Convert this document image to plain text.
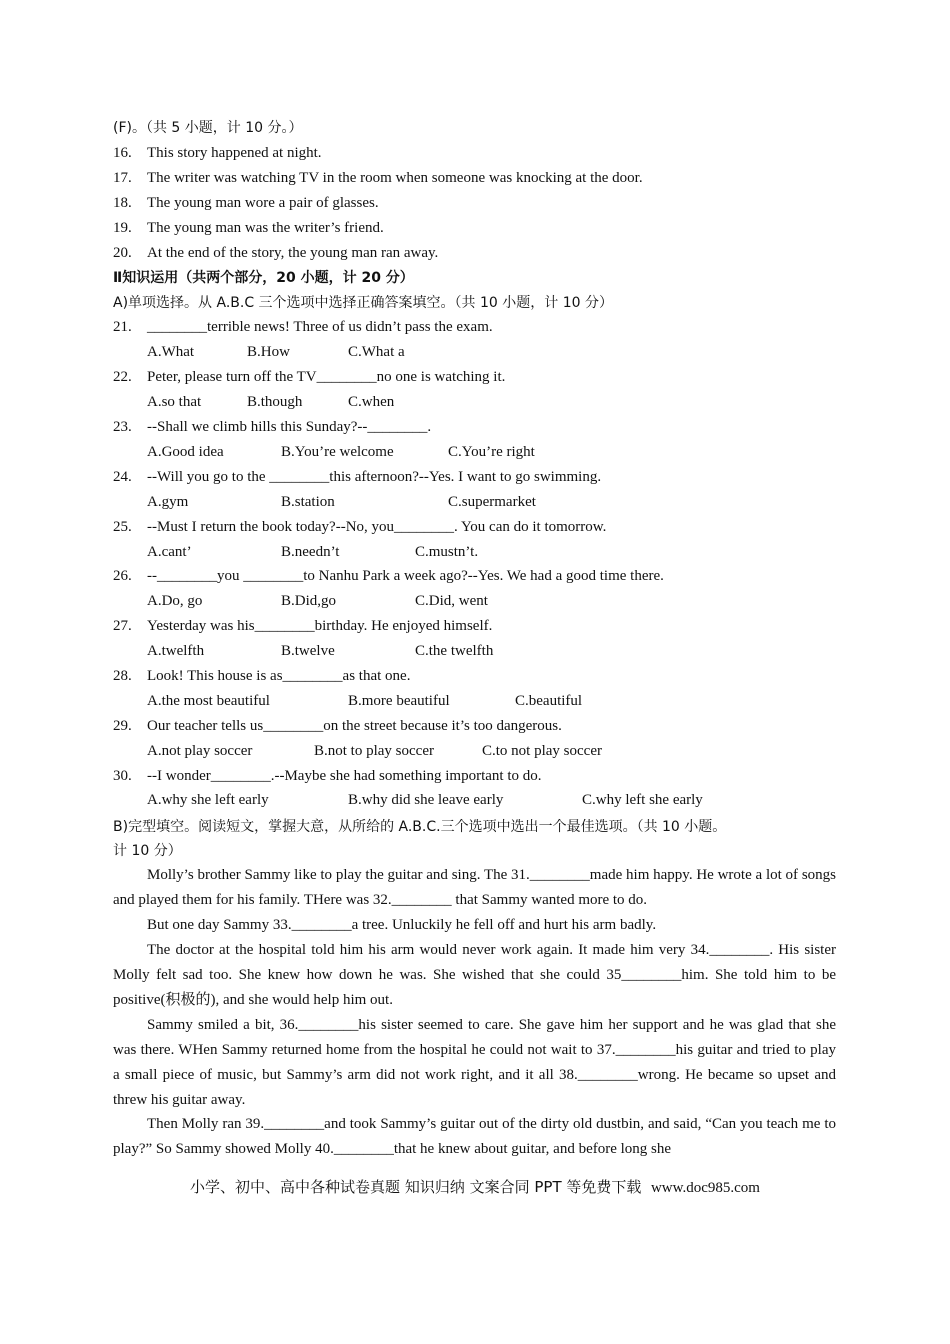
(F)。（共 5 小题，计 10 分。）
16. This story happened at night.
17. The writer was watching TV in the room when someone was knocking at the door.
18. The young man wore a pair of glasses.
19. The young man was the writer’s friend.
20. At the end of the story, the young man ran away.
Ⅱ知识运用（共两个部分，20 小题，计 20 分）
A)单项选择。从 A.B.C 三个选项中选择正确答案填空。（共 10 小题，计 10 分）
21. ________terrible news! Three of us didn’t pass the exam.
A.What	B.How	C.What a
22. Peter, please turn off the TV________no one is watching it.
A.so that	B.though	C.when
23. --Shall we climb hills this Sunday?--________.
A.Good idea	B.You’re welcome	C.You’re right
24. --Will you go to the ________this afternoon?--Yes. I want to go swimming.
A.gym	B.station	C.supermarket
25. --Must I return the book today?--No, you________. You can do it tomorrow.
A.cant’	B.needn’t	C.mustn’t.
26. --________you ________to Nanhu Park a week ago?--Yes. We had a good time there.
A.Do, go	B.Did,go	C.Did, went
27. Yesterday was his________birthday. He enjoyed himself.
A.twelfth	B.twelve	C.the twelfth
28. Look! This house is as________as that one.
A.the most beautiful	B.more beautiful	C.beautiful
29. Our teacher tells us________on the street because it’s too dangerous.
A.not play soccer	B.not to play soccer	C.to not play soccer
30. --I wonder________.--Maybe she had something important to do.
A.why she left early	B.why did she leave early	C.why left she early
B)完型填空。阅读短文，掌握大意，从所给的 A.B.C.三个选项中选出一个最佳选项。（共 10 小题。
计 10 分）
Molly’s brother Sammy like to play the guitar and sing. The 31.________made him happy. He wrote a lot of songs and played them for his family. THere was 32.________ that Sammy wanted more to do.
But one day Sammy 33.________a tree. Unluckily he fell off and hurt his arm badly.
The doctor at the hospital told him his arm would never work again. It made him very 34.________. His sister Molly felt sad too. She knew how down he was. She wished that she could 35________him. She told him to be positive(积极的), and she would help him out.
Sammy smiled a bit, 36.________his sister seemed to care. She gave him her support and he was glad that she was there. WHen Sammy returned home from the hospital he could not wait to 37.________his guitar and tried to play a small piece of music, but Sammy’s arm did not work right, and it all 38.________wrong. He became so upset and threw his guitar away.
Then Molly ran 39.________and took Sammy’s guitar out of the dirty old dustbin, and said, “Can you teach me to play?” So Sammy showed Molly 40.________that he knew about guitar, and before long she
小学、初中、高中各种试卷真题 知识归纳 文案合同 PPT 等免费下载 www.doc985.com
